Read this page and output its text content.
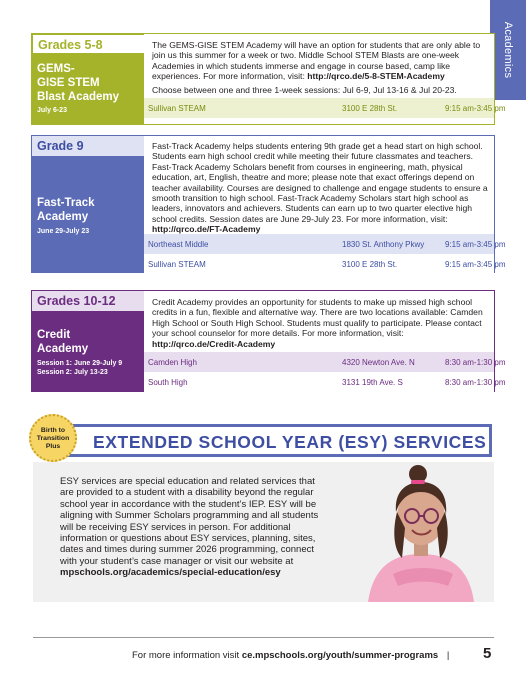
Academics
Grades 5-8
GEMS-
GISE STEM
Blast Academy
July 6-23
The GEMS-GISE STEM Academy will have an option for students that are only able to join us this summer for a week or two. Middle School STEM Blasts are one-week Academies in which students immerse and engage in course based, camp like experiences. For more information, visit: http://qrco.de/5-8-STEM-Academy
Choose between one and three 1-week sessions: Jul 6-9, Jul 13-16 & Jul 20-23.
Sullivan STEAM	3100 E 28th St.	9:15 am-3:45 pm
Grade 9
Fast-Track
Academy
June 29-July 23
Fast-Track Academy helps students entering 9th grade get a head start on high school. Students earn high school credit while meeting their future classmates and teachers. Fast-Track Academy Scholars benefit from courses in engineering, math, physical education, art, English, theatre and more; please note that exact offerings depend on teacher availability. Courses are designed to challenge and engage students to ensure a smooth transition to high school. Fast-Track Academy Scholars start high school as leaders, innovators and achievers. Students can earn up to two quarter elective high school credits. Session dates are June 29-July 23. For more information, visit: http://qrco.de/FT-Academy
Northeast Middle	1830 St. Anthony Pkwy	9:15 am-3:45 pm
Sullivan STEAM	3100 E 28th St.	9:15 am-3:45 pm
Grades 10-12
Credit
Academy
Session 1: June 29-July 9
Session 2: July 13-23
Credit Academy provides an opportunity for students to make up missed high school credits in a fun, flexible and alternative way. There are two locations available: Camden High School or South High School. Students must qualify to participate. Please contact your school counselor for more details. For more information, visit: http://qrco.de/Credit-Academy
Camden High	4320 Newton Ave. N	8:30 am-1:30 pm
South High	3131 19th Ave. S	8:30 am-1:30 pm
EXTENDED SCHOOL YEAR (ESY) SERVICES
Birth to
Transition
Plus
ESY services are special education and related services that are provided to a student with a disability beyond the regular school year in accordance with the student’s IEP. ESY will be aligning with Summer Scholars programming and all students will be receiving ESY services in person. For additional information or questions about ESY services, planning, sites, dates and times during summer 2026 programming, connect with your student’s case manager or visit our website at mpschools.org/academics/special-education/esy
For more information visit ce.mpschools.org/youth/summer-programs | 5
